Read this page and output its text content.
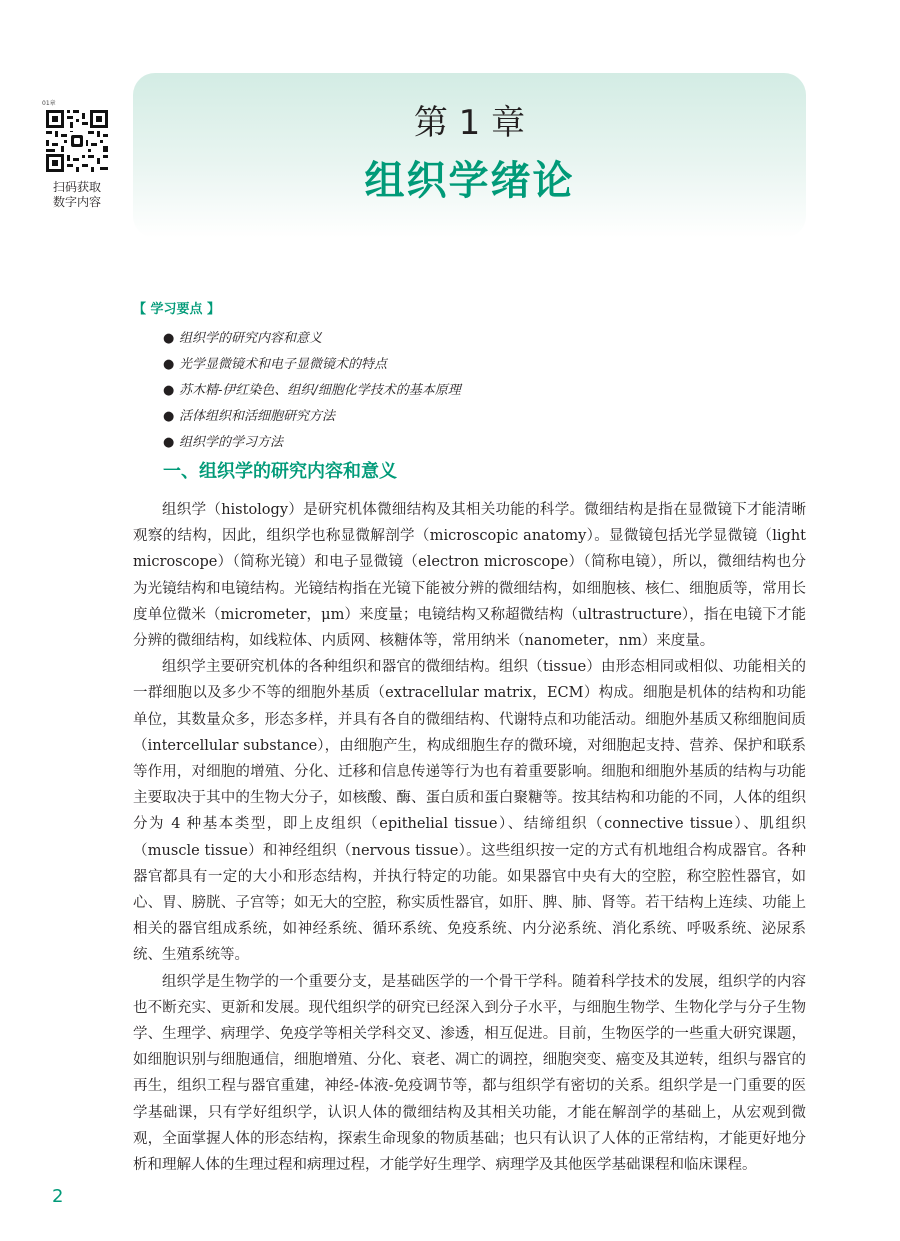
01章
扫码获取
数字内容
第 1 章
组织学绪论
【 学习要点 】
● 组织学的研究内容和意义
● 光学显微镜术和电子显微镜术的特点
● 苏木精-伊红染色、组织/细胞化学技术的基本原理
● 活体组织和活细胞研究方法
● 组织学的学习方法
一、组织学的研究内容和意义

组织学（histology）是研究机体微细结构及其相关功能的科学。微细结构是指在显微镜下才能清晰观察的结构，因此，组织学也称显微解剖学（microscopic anatomy）。显微镜包括光学显微镜（light microscope）（简称光镜）和电子显微镜（electron microscope）（简称电镜），所以，微细结构也分为光镜结构和电镜结构。光镜结构指在光镜下能被分辨的微细结构，如细胞核、核仁、细胞质等，常用长度单位微米（micrometer，μm）来度量；电镜结构又称超微结构（ultrastructure），指在电镜下才能分辨的微细结构，如线粒体、内质网、核糖体等，常用纳米（nanometer，nm）来度量。

组织学主要研究机体的各种组织和器官的微细结构。组织（tissue）由形态相同或相似、功能相关的一群细胞以及多少不等的细胞外基质（extracellular matrix，ECM）构成。细胞是机体的结构和功能单位，其数量众多，形态多样，并具有各自的微细结构、代谢特点和功能活动。细胞外基质又称细胞间质（intercellular substance），由细胞产生，构成细胞生存的微环境，对细胞起支持、营养、保护和联系等作用，对细胞的增殖、分化、迁移和信息传递等行为也有着重要影响。细胞和细胞外基质的结构与功能主要取决于其中的生物大分子，如核酸、酶、蛋白质和蛋白聚糖等。按其结构和功能的不同，人体的组织分为 4 种基本类型，即上皮组织（epithelial tissue）、结缔组织（connective tissue）、肌组织（muscle tissue）和神经组织（nervous tissue）。这些组织按一定的方式有机地组合构成器官。各种器官都具有一定的大小和形态结构，并执行特定的功能。如果器官中央有大的空腔，称空腔性器官，如心、胃、膀胱、子宫等；如无大的空腔，称实质性器官，如肝、脾、肺、肾等。若干结构上连续、功能上相关的器官组成系统，如神经系统、循环系统、免疫系统、内分泌系统、消化系统、呼吸系统、泌尿系统、生殖系统等。

组织学是生物学的一个重要分支，是基础医学的一个骨干学科。随着科学技术的发展，组织学的内容也不断充实、更新和发展。现代组织学的研究已经深入到分子水平，与细胞生物学、生物化学与分子生物学、生理学、病理学、免疫学等相关学科交叉、渗透，相互促进。目前，生物医学的一些重大研究课题，如细胞识别与细胞通信，细胞增殖、分化、衰老、凋亡的调控，细胞突变、癌变及其逆转，组织与器官的再生，组织工程与器官重建，神经-体液-免疫调节等，都与组织学有密切的关系。组织学是一门重要的医学基础课，只有学好组织学，认识人体的微细结构及其相关功能，才能在解剖学的基础上，从宏观到微观，全面掌握人体的形态结构，探索生命现象的物质基础；也只有认识了人体的正常结构，才能更好地分析和理解人体的生理过程和病理过程，才能学好生理学、病理学及其他医学基础课程和临床课程。

2
